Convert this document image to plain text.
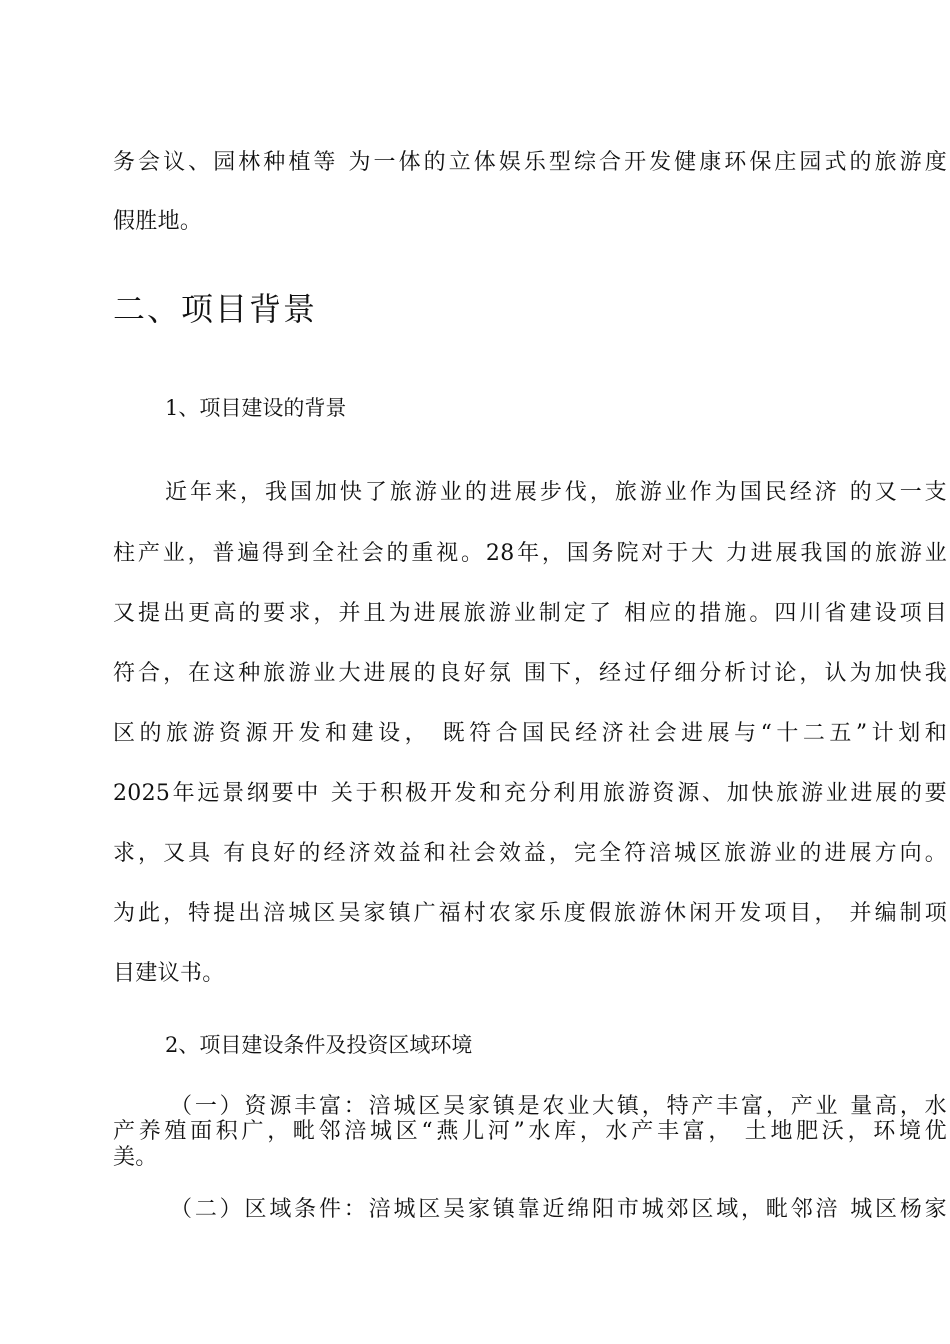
务会议、园林种植等 为一体的立体娱乐型综合开发健康环保庄园式的旅游度
假胜地。
二、项目背景
1、项目建设的背景
近年来，我国加快了旅游业的进展步伐，旅游业作为国民经济 的又一支
柱产业，普遍得到全社会的重视。28年，国务院对于大 力进展我国的旅游业
又提出更高的要求，并且为进展旅游业制定了 相应的措施。四川省建设项目
符合，在这种旅游业大进展的良好氛 围下，经过仔细分析讨论，认为加快我
区的旅游资源开发和建设， 既符合国民经济社会进展与“十二五”计划和
2025年远景纲要中 关于积极开发和充分利用旅游资源、加快旅游业进展的要
求，又具 有良好的经济效益和社会效益，完全符涪城区旅游业的进展方向。
为此，特提出涪城区吴家镇广福村农家乐度假旅游休闲开发项目， 并编制项
目建议书。
2、项目建设条件及投资区域环境
（一）资源丰富：涪城区吴家镇是农业大镇，特产丰富，产业 量高，水
产养殖面积广，毗邻涪城区“燕儿河”水库，水产丰富， 土地肥沃，环境优
美。
（二）区域条件：涪城区吴家镇靠近绵阳市城郊区域，毗邻涪 城区杨家
